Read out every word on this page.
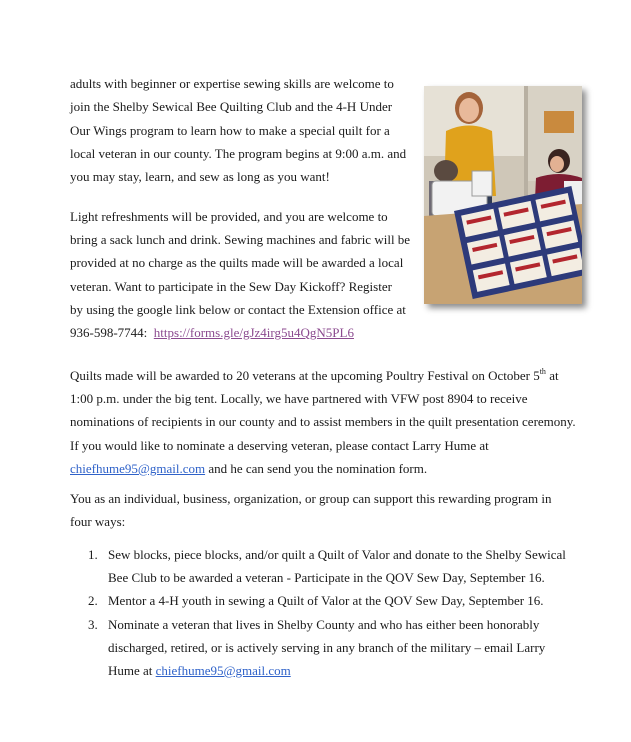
adults with beginner or expertise sewing skills are welcome to
join the Shelby Sewical Bee Quilting Club and the 4-H Under
Our Wings program to learn how to make a special quilt for a
local veteran in our county. The program begins at 9:00 a.m. and
you may stay, learn, and sew as long as you want!
Light refreshments will be provided, and you are welcome to
bring a sack lunch and drink. Sewing machines and fabric will be
provided at no charge as the quilts made will be awarded a local
veteran. Want to participate in the Sew Day Kickoff? Register
by using the google link below or contact the Extension office at
936-598-7744: https://forms.gle/gJz4irg5u4QgN5PL6
Quilts made will be awarded to 20 veterans at the upcoming Poultry Festival on October 5th at
1:00 p.m. under the big tent. Locally, we have partnered with VFW post 8904 to receive
nominations of recipients in our county and to assist members in the quilt presentation ceremony.
If you would like to nominate a deserving veteran, please contact Larry Hume at
chiefhume95@gmail.com and he can send you the nomination form.
You as an individual, business, organization, or group can support this rewarding program in
four ways:
1. Sew blocks, piece blocks, and/or quilt a Quilt of Valor and donate to the Shelby Sewical
Bee Club to be awarded a veteran - Participate in the QOV Sew Day, September 16.
2. Mentor a 4-H youth in sewing a Quilt of Valor at the QOV Sew Day, September 16.
3. Nominate a veteran that lives in Shelby County and who has either been honorably
discharged, retired, or is actively serving in any branch of the military – email Larry
Hume at chiefhume95@gmail.com
